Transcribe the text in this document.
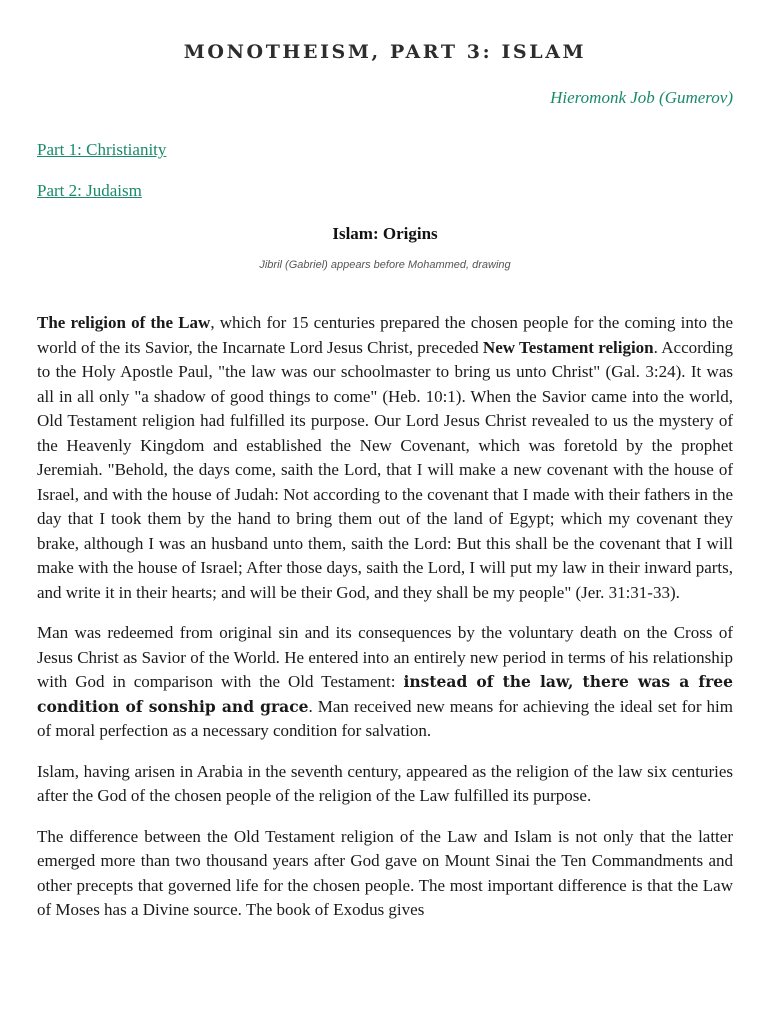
MONOTHEISM, PART 3: ISLAM

Hieromonk Job (Gumerov)

Part 1: Christianity
Part 2: Judaism
Islam: Origins

Jibril (Gabriel) appears before Mohammed, drawing

The religion of the Law, which for 15 centuries prepared the chosen people for the coming into the world of the its Savior, the Incarnate Lord Jesus Christ, preceded New Testament religion. According to the Holy Apostle Paul, "the law was our schoolmaster to bring us unto Christ" (Gal. 3:24). It was all in all only "a shadow of good things to come" (Heb. 10:1). When the Savior came into the world, Old Testament religion had fulfilled its purpose. Our Lord Jesus Christ revealed to us the mystery of the Heavenly Kingdom and established the New Covenant, which was foretold by the prophet Jeremiah. "Behold, the days come, saith the Lord, that I will make a new covenant with the house of Israel, and with the house of Judah: Not according to the covenant that I made with their fathers in the day that I took them by the hand to bring them out of the land of Egypt; which my covenant they brake, although I was an husband unto them, saith the Lord: But this shall be the covenant that I will make with the house of Israel; After those days, saith the Lord, I will put my law in their inward parts, and write it in their hearts; and will be their God, and they shall be my people" (Jer. 31:31-33).

Man was redeemed from original sin and its consequences by the voluntary death on the Cross of Jesus Christ as Savior of the World. He entered into an entirely new period in terms of his relationship with God in comparison with the Old Testament: instead of the law, there was a free condition of sonship and grace. Man received new means for achieving the ideal set for him of moral perfection as a necessary condition for salvation.

Islam, having arisen in Arabia in the seventh century, appeared as the religion of the law six centuries after the God of the chosen people of the religion of the Law fulfilled its purpose.

The difference between the Old Testament religion of the Law and Islam is not only that the latter emerged more than two thousand years after God gave on Mount Sinai the Ten Commandments and other precepts that governed life for the chosen people. The most important difference is that the Law of Moses has a Divine source. The book of Exodus gives
